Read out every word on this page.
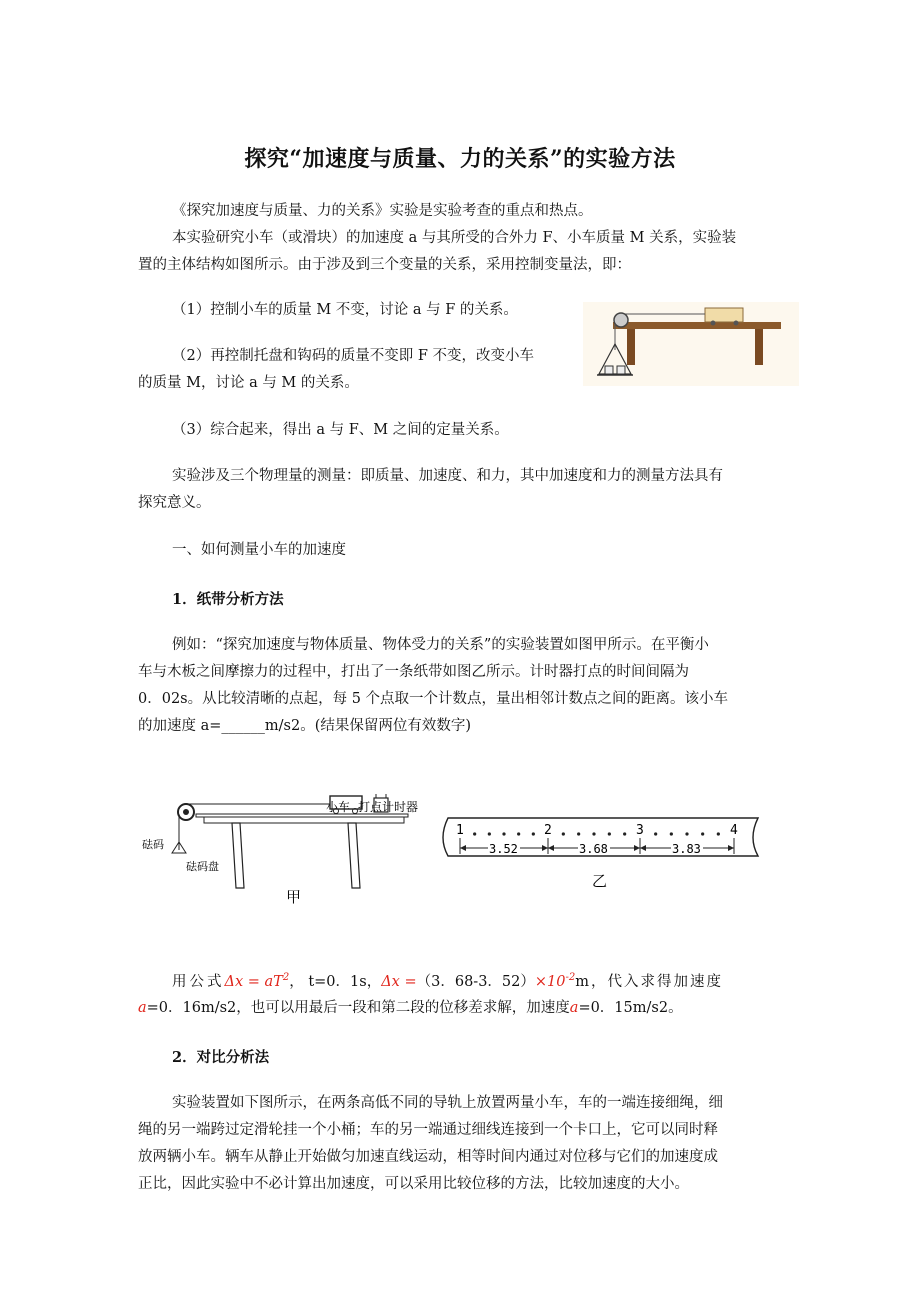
探究“加速度与质量、力的关系”的实验方法
《探究加速度与质量、力的关系》实验是实验考查的重点和热点。
本实验研究小车（或滑块）的加速度 a 与其所受的合外力 F、小车质量 M 关系，实验装
置的主体结构如图所示。由于涉及到三个变量的关系，采用控制变量法，即：
（1）控制小车的质量 M 不变，讨论 a 与 F 的关系。
（2）再控制托盘和钩码的质量不变即 F 不变，改变小车
的质量 M，讨论 a 与 M 的关系。
（3）综合起来，得出 a 与 F、M 之间的定量关系。
实验涉及三个物理量的测量：即质量、加速度、和力，其中加速度和力的测量方法具有
探究意义。
一、如何测量小车的加速度
1．纸带分析方法
例如：“探究加速度与物体质量、物体受力的关系”的实验装置如图甲所示。在平衡小
车与木板之间摩擦力的过程中，打出了一条纸带如图乙所示。计时器打点的时间间隔为
0．02s。从比较清晰的点起，每 5 个点取一个计数点，量出相邻计数点之间的距离。该小车
的加速度 a=______m/s2。(结果保留两位有效数字)
小车 打点计时器
砝码
砝码盘
甲
1	2	3	4
3.52	3.68	3.83
乙
用公式$\Delta x = aT^2$， t=0．1s，Δx =（3．68-3．$52)\times 10^{-2}m$，代入求得加速度
a=0．16m/s2，也可以用最后一段和第二段的位移差求解，加速度a=0．15m/s2。
2．对比分析法
实验装置如下图所示，在两条高低不同的导轨上放置两量小车，车的一端连接细绳，细
绳的另一端跨过定滑轮挂一个小桶；车的另一端通过细线连接到一个卡口上，它可以同时释
放两辆小车。辆车从静止开始做匀加速直线运动，相等时间内通过对位移与它们的加速度成
正比，因此实验中不必计算出加速度，可以采用比较位移的方法，比较加速度的大小。
